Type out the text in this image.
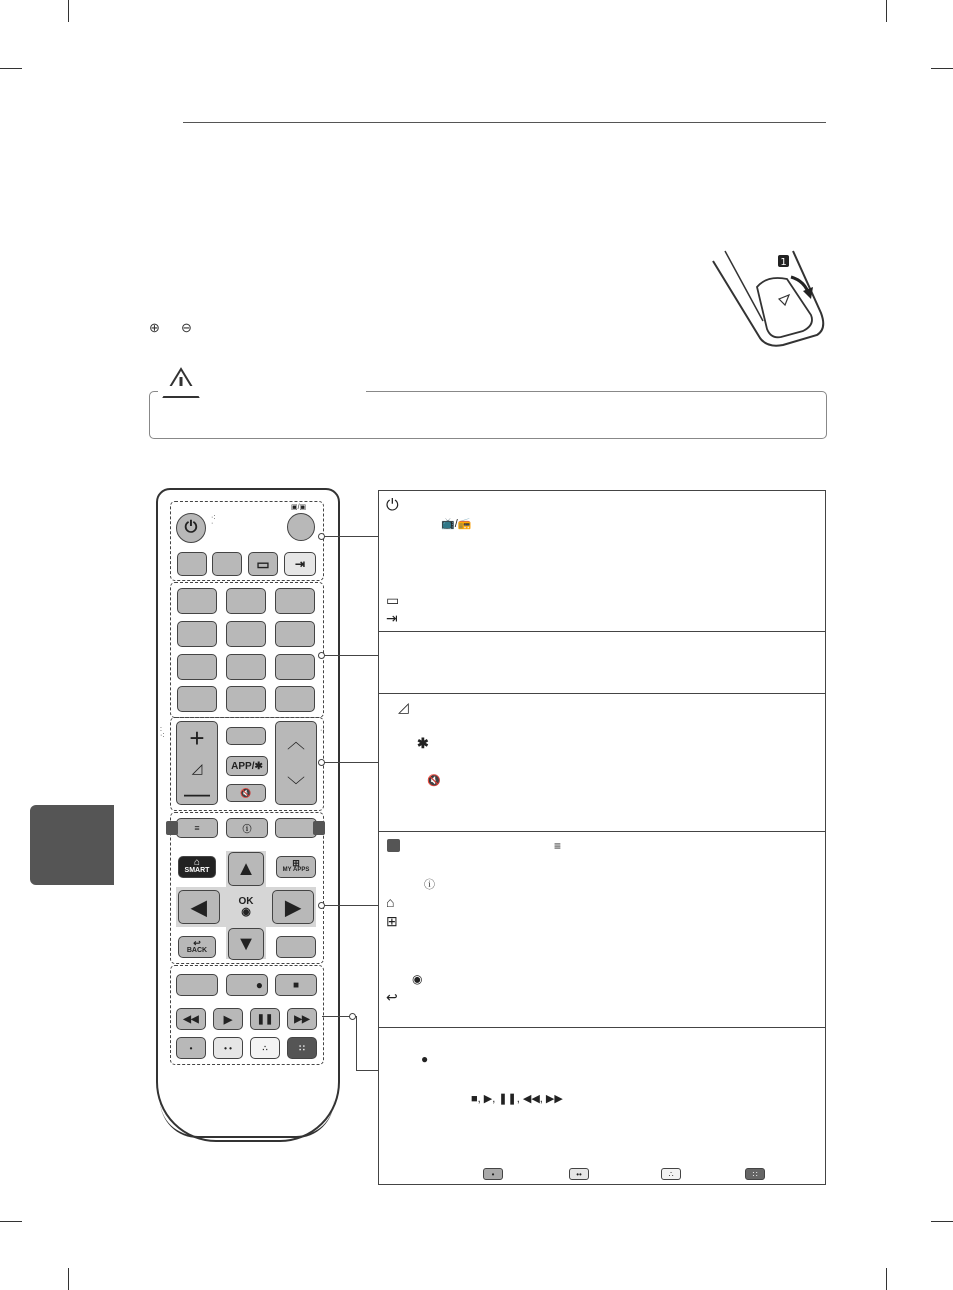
⊕ ⊖
1
⏻
▣/▣
·:
·
▭ ⇥
+
◿
—
APP/✱
🔇
︿
﹀
:
·:
··
≡	ⓘ
⌂
SMART
⊞
MY APPS
▲
◀	OK
◉ ▶
▼
↩
BACK
●	■
◀◀ ▶ ❚❚ ▶▶
•	• •	∴	∷
⏻
📺/📻
▭
⇥
◿
✱
🔇
≡
ⓘ
⌂
⊞
◉
↩
●
■, ▶, ❚❚, ◀◀, ▶▶
•	••	∴	∷
